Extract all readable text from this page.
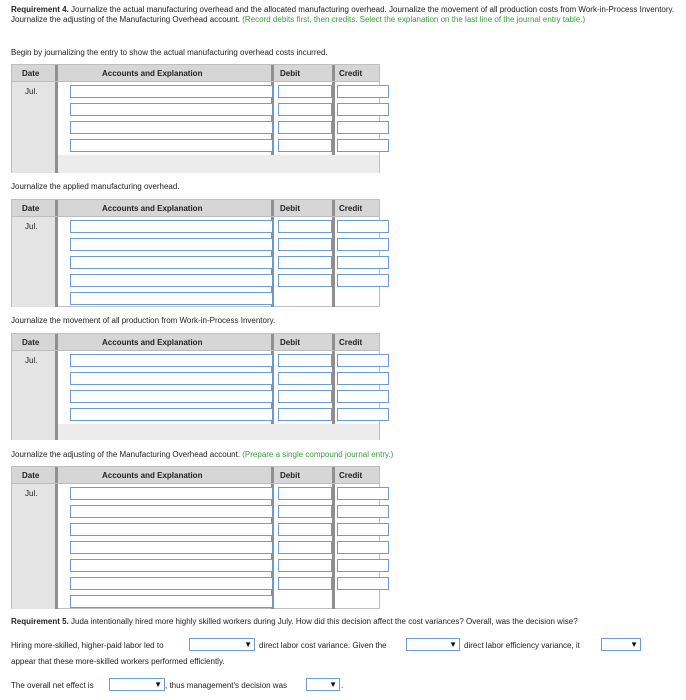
Requirement 4. Journalize the actual manufacturing overhead and the allocated manufacturing overhead. Journalize the movement of all production costs from Work-in-Process Inventory. Journalize the adjusting of the Manufacturing Overhead account. (Record debits first, then credits. Select the explanation on the last line of the journal entry table.)
Begin by journalizing the entry to show the actual manufacturing overhead costs incurred.
Date	Accounts and Explanation	Debit	Credit
Jul.
Journalize the applied manufacturing overhead.
Date	Accounts and Explanation	Debit	Credit
Jul.
Journalize the movement of all production from Work-in-Process Inventory.
Date	Accounts and Explanation	Debit	Credit
Jul.
Journalize the adjusting of the Manufacturing Overhead account. (Prepare a single compound journal entry.)
Date	Accounts and Explanation	Debit	Credit
Jul.
Requirement 5. Juda intentionally hired more highly skilled workers during July. How did this decision affect the cost variances? Overall, was the decision wise?
Hiring more-skilled, higher-paid labor led to	▼ direct labor cost variance. Given the	▼ direct labor efficiency variance, it	▼
appear that these more-skilled workers performed efficiently.
The overall net effect is	▼ , thus management's decision was	▼ .
